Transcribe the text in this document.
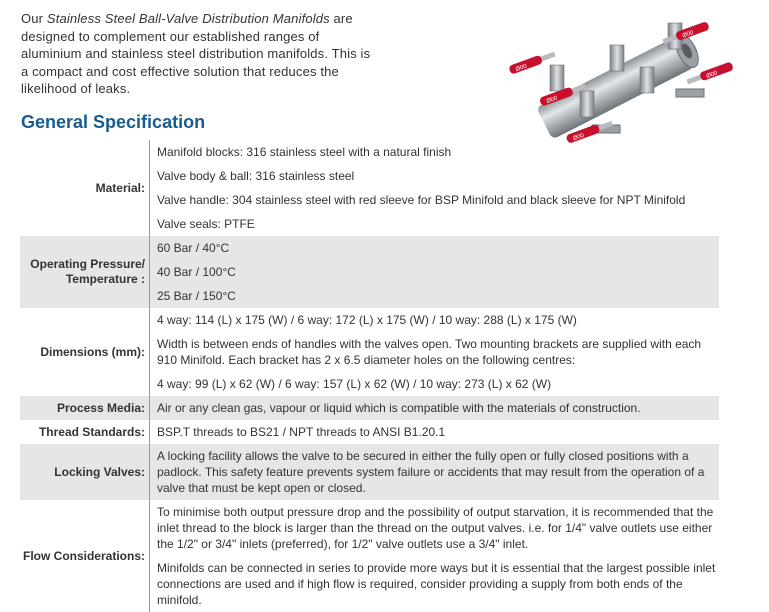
Our Stainless Steel Ball-Valve Distribution Manifolds are designed to complement our established ranges of aluminium and stainless steel distribution manifolds. This is a compact and cost effective solution that reduces the likelihood of leaks.
General Specification
Ø00
Ø00
Ø00
Ø00
Ø00
Material:	Manifold blocks: 316 stainless steel with a natural finish
Valve body & ball: 316 stainless steel
Valve handle: 304 stainless steel with red sleeve for BSP Minifold and black sleeve for NPT Minifold
Valve seals: PTFE

Operating Pressure/
Temperature :	60 Bar / 40°C
40 Bar / 100°C
25 Bar / 150°C

Dimensions (mm):	4 way: 114 (L) x 175 (W) / 6 way: 172 (L) x 175 (W) / 10 way: 288 (L) x 175 (W)
Width is between ends of handles with the valves open. Two mounting brackets are supplied with each 910 Minifold. Each bracket has 2 x 6.5 diameter holes on the following centres:
4 way: 99 (L) x 62 (W) / 6 way: 157 (L) x 62 (W) / 10 way: 273 (L) x 62 (W)

Process Media:	Air or any clean gas, vapour or liquid which is compatible with the materials of construction.

Thread Standards:	BSP.T threads to BS21 / NPT threads to ANSI B1.20.1

Locking Valves:	A locking facility allows the valve to be secured in either the fully open or fully closed positions with a padlock. This safety feature prevents system failure or accidents that may result from the operation of a valve that must be kept open or closed.

Flow Considerations:	To minimise both output pressure drop and the possibility of output starvation, it is recommended that the inlet thread to the block is larger than the thread on the output valves. i.e. for 1/4" valve outlets use either the 1/2" or 3/4" inlets (preferred), for 1/2" valve outlets use a 3/4" inlet.
Minifolds can be connected in series to provide more ways but it is essential that the largest possible inlet connections are used and if high flow is required, consider providing a supply from both ends of the minifold.
